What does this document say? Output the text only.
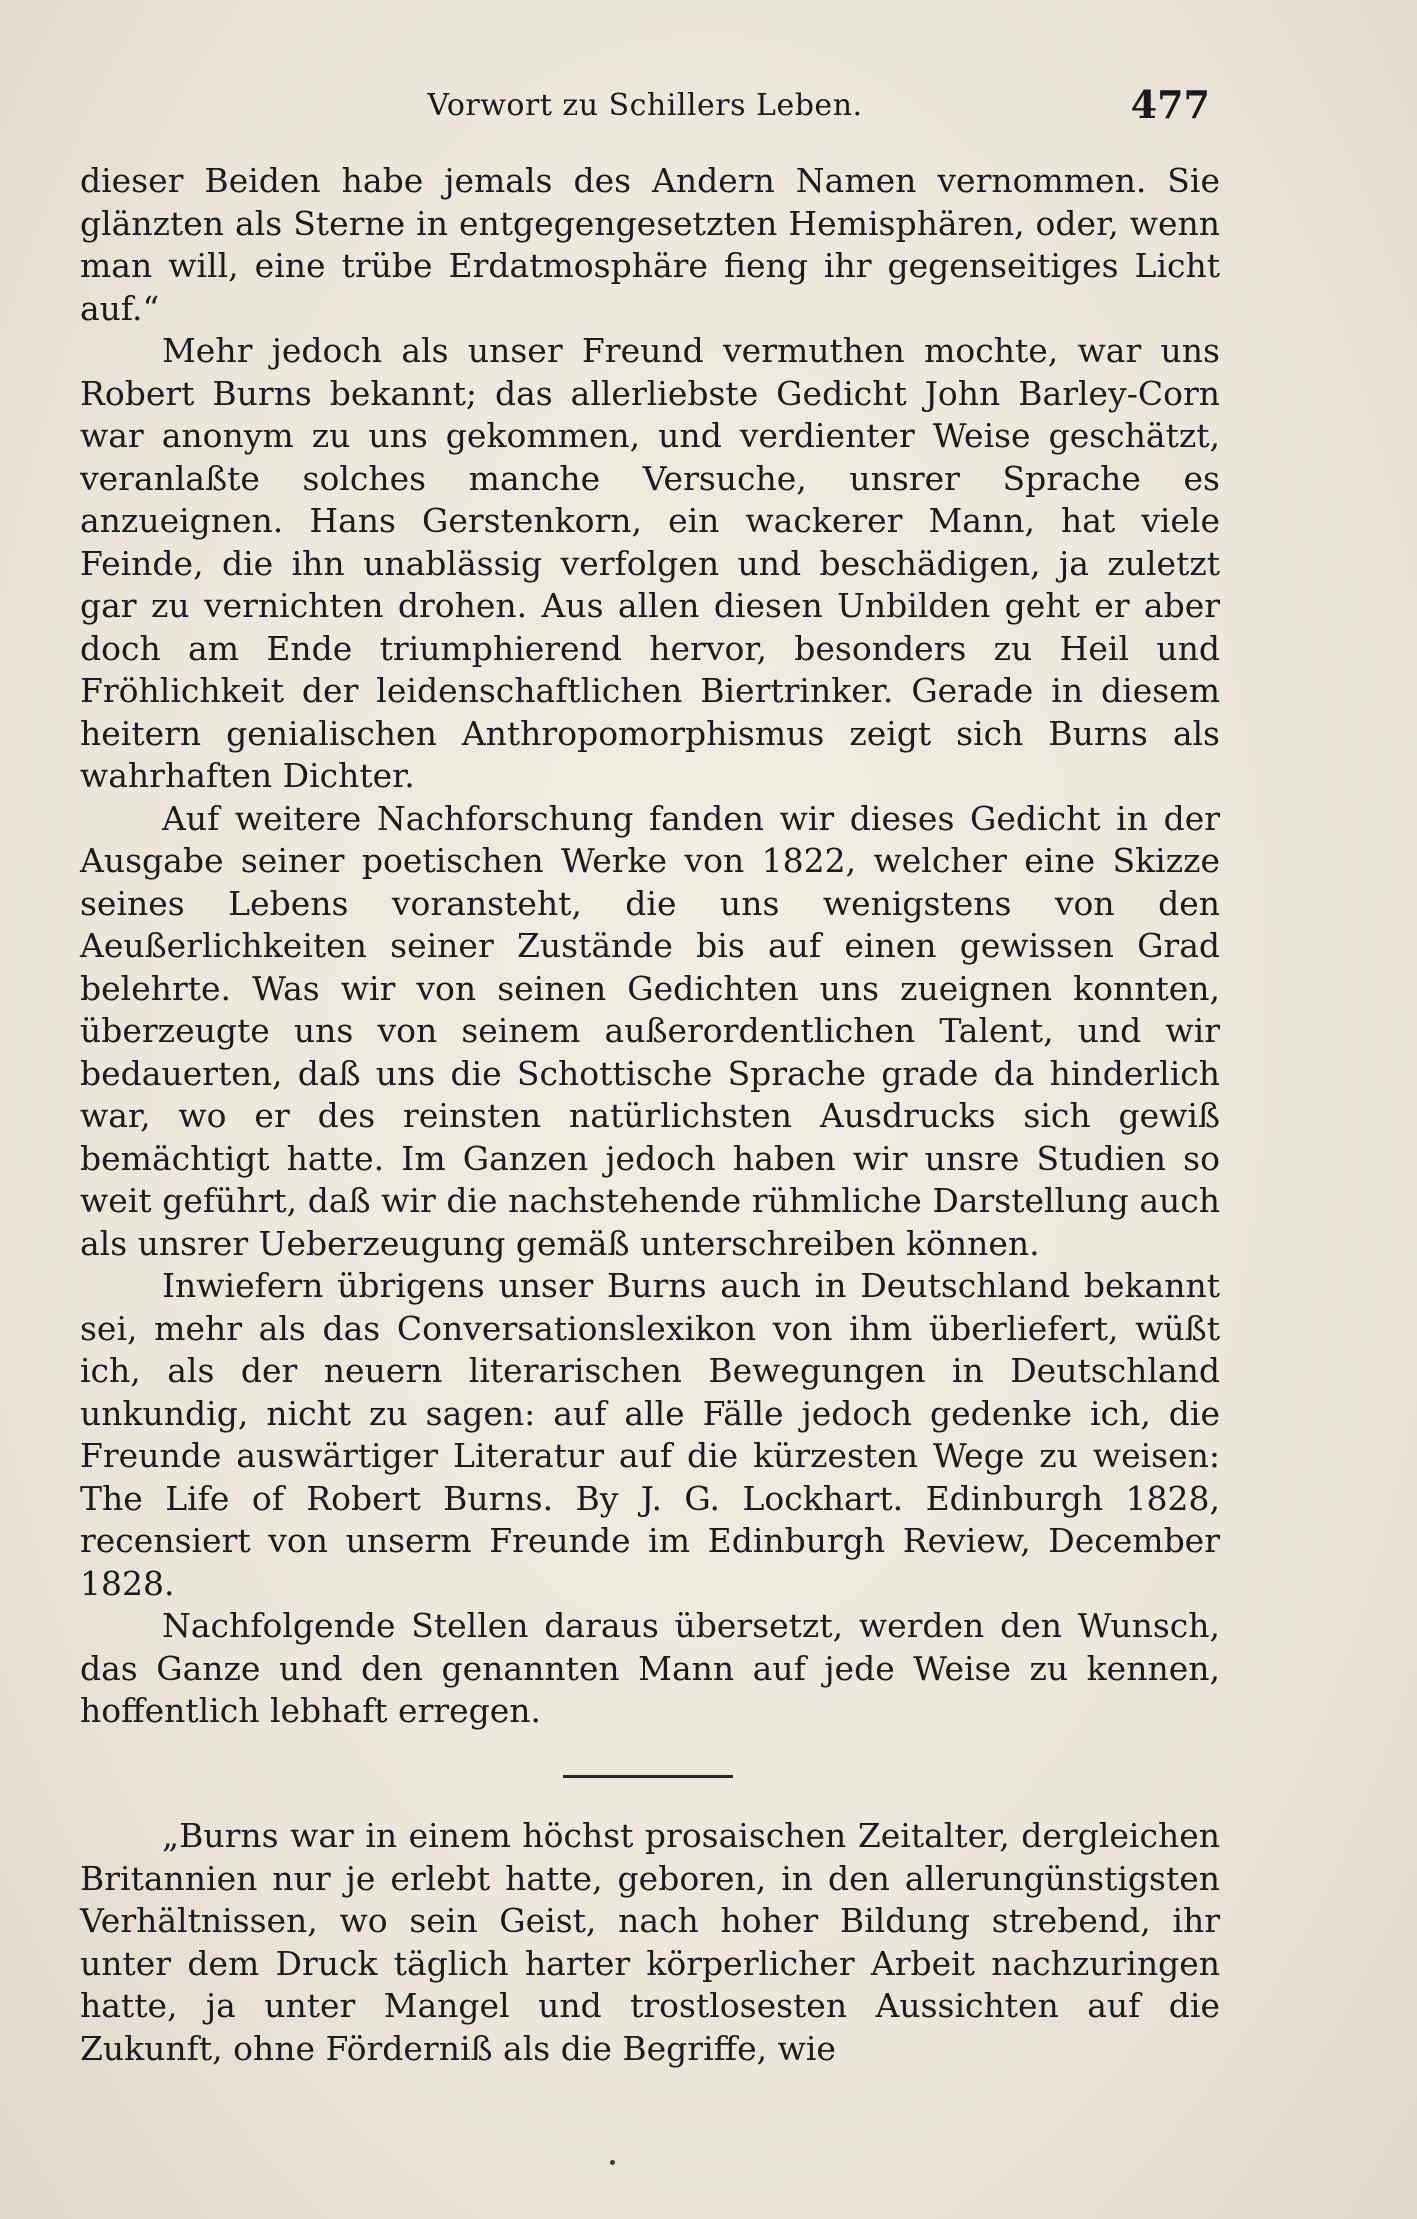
Vorwort zu Schillers Leben.	477

dieser Beiden habe jemals des Andern Namen vernommen. Sie glänzten als Sterne in entgegengesetzten Hemisphären, oder, wenn man will, eine trübe Erdatmosphäre fieng ihr gegenseitiges Licht auf.“

Mehr jedoch als unser Freund vermuthen mochte, war uns Robert Burns bekannt; das allerliebste Gedicht John Barley-Corn war anonym zu uns gekommen, und verdienter Weise geschätzt, veranlaßte solches manche Versuche, unsrer Sprache es anzueignen. Hans Gerstenkorn, ein wackerer Mann, hat viele Feinde, die ihn unablässig verfolgen und beschädigen, ja zuletzt gar zu vernichten drohen. Aus allen diesen Unbilden geht er aber doch am Ende triumphierend hervor, besonders zu Heil und Fröhlichkeit der leidenschaftlichen Biertrinker. Gerade in diesem heitern genialischen Anthropomorphismus zeigt sich Burns als wahrhaften Dichter.

Auf weitere Nachforschung fanden wir dieses Gedicht in der Ausgabe seiner poetischen Werke von 1822, welcher eine Skizze seines Lebens voransteht, die uns wenigstens von den Aeußerlichkeiten seiner Zustände bis auf einen gewissen Grad belehrte. Was wir von seinen Gedichten uns zueignen konnten, überzeugte uns von seinem außerordentlichen Talent, und wir bedauerten, daß uns die Schottische Sprache grade da hinderlich war, wo er des reinsten natürlichsten Ausdrucks sich gewiß bemächtigt hatte. Im Ganzen jedoch haben wir unsre Studien so weit geführt, daß wir die nachstehende rühmliche Darstellung auch als unsrer Ueberzeugung gemäß unterschreiben können.

Inwiefern übrigens unser Burns auch in Deutschland bekannt sei, mehr als das Conversationslexikon von ihm überliefert, wüßt ich, als der neuern literarischen Bewegungen in Deutschland unkundig, nicht zu sagen: auf alle Fälle jedoch gedenke ich, die Freunde auswärtiger Literatur auf die kürzesten Wege zu weisen: The Life of Robert Burns. By J. G. Lockhart. Edinburgh 1828, recensiert von unserm Freunde im Edinburgh Review, December 1828.

Nachfolgende Stellen daraus übersetzt, werden den Wunsch, das Ganze und den genannten Mann auf jede Weise zu kennen, hoffentlich lebhaft erregen.

„Burns war in einem höchst prosaischen Zeitalter, dergleichen Britannien nur je erlebt hatte, geboren, in den allerungünstigsten Verhältnissen, wo sein Geist, nach hoher Bildung strebend, ihr unter dem Druck täglich harter körperlicher Arbeit nachzuringen hatte, ja unter Mangel und trostlosesten Aussichten auf die Zukunft, ohne Förderniß als die Begriffe, wie
